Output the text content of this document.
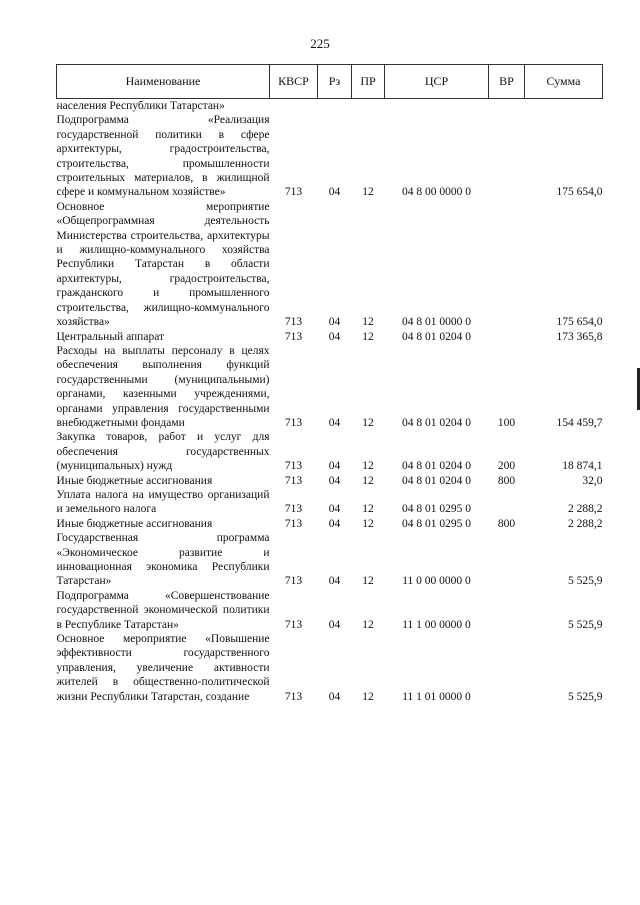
225
Наименование	КВСР	Рз	ПР	ЦСР	ВР	Сумма
населения Республики Татарстан»						
Подпрограмма «Реализация государственной политики в сфере архитектуры, градостроительства, строительства, промышленности строительных материалов, в жилищной сфере и коммунальном хозяйстве»	713	04	12	04 8 00 0000 0		175 654,0
Основное мероприятие «Общепрограммная деятельность Министерства строительства, архитектуры и жилищно-коммунального хозяйства Республики Татарстан в области архитектуры, градостроительства, гражданского и промышленного строительства, жилищно-коммунального хозяйства»	713	04	12	04 8 01 0000 0		175 654,0
Центральный аппарат	713	04	12	04 8 01 0204 0		173 365,8
Расходы на выплаты персоналу в целях обеспечения выполнения функций государственными (муниципальными) органами, казенными учреждениями, органами управления государственными внебюджетными фондами	713	04	12	04 8 01 0204 0	100	154 459,7
Закупка товаров, работ и услуг для обеспечения государственных (муниципальных) нужд	713	04	12	04 8 01 0204 0	200	18 874,1
Иные бюджетные ассигнования	713	04	12	04 8 01 0204 0	800	32,0
Уплата налога на имущество организаций и земельного налога	713	04	12	04 8 01 0295 0		2 288,2
Иные бюджетные ассигнования	713	04	12	04 8 01 0295 0	800	2 288,2
Государственная программа «Экономическое развитие и инновационная экономика Республики Татарстан»	713	04	12	11 0 00 0000 0		5 525,9
Подпрограмма «Совершенствование государственной экономической политики в Республике Татарстан»	713	04	12	11 1 00 0000 0		5 525,9
Основное мероприятие «Повышение эффективности государственного управления, увеличение активности жителей в общественно-политической жизни Республики Татарстан, создание	713	04	12	11 1 01 0000 0		5 525,9
